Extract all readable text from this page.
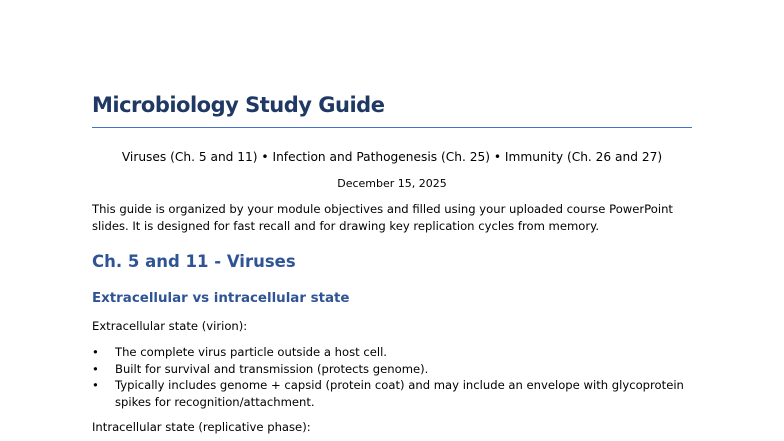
Microbiology Study Guide
Viruses (Ch. 5 and 11) • Infection and Pathogenesis (Ch. 25) • Immunity (Ch. 26 and 27)
December 15, 2025
This guide is organized by your module objectives and filled using your uploaded course PowerPoint
slides. It is designed for fast recall and for drawing key replication cycles from memory.
Ch. 5 and 11 - Viruses
Extracellular vs intracellular state
Extracellular state (virion):
• The complete virus particle outside a host cell.
• Built for survival and transmission (protects genome).
• Typically includes genome + capsid (protein coat) and may include an envelope with glycoprotein
spikes for recognition/attachment.
Intracellular state (replicative phase):
